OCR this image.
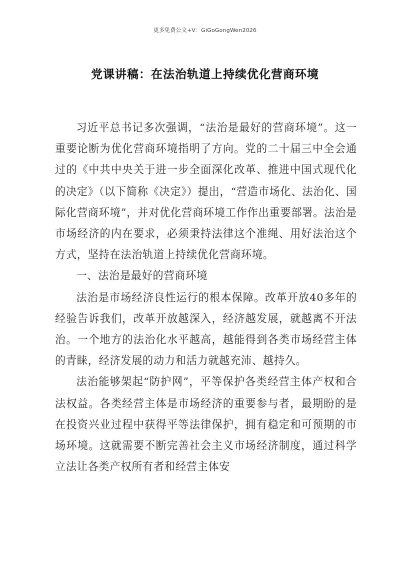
更多免费公文+V：GiGoGongWen2026
党课讲稿：在法治轨道上持续优化营商环境

习近平总书记多次强调，“法治是最好的营商环境”。这一重要论断为优化营商环境指明了方向。党的二十届三中全会通过的《中共中央关于进一步全面深化改革、推进中国式现代化的决定》（以下简称《决定》）提出，“营造市场化、法治化、国际化营商环境”，并对优化营商环境工作作出重要部署。法治是市场经济的内在要求，必须秉持法律这个准绳、用好法治这个方式，坚持在法治轨道上持续优化营商环境。

一、法治是最好的营商环境

法治是市场经济良性运行的根本保障。改革开放40多年的经验告诉我们，改革开放越深入，经济越发展，就越离不开法治。一个地方的法治化水平越高，越能得到各类市场经营主体的青睐，经济发展的动力和活力就越充沛、越持久。

法治能够架起“防护网”，平等保护各类经营主体产权和合法权益。各类经营主体是市场经济的重要参与者，最期盼的是在投资兴业过程中获得平等法律保护，拥有稳定和可预期的市场环境。这就需要不断完善社会主义市场经济制度，通过科学立法让各类产权所有者和经营主体安
